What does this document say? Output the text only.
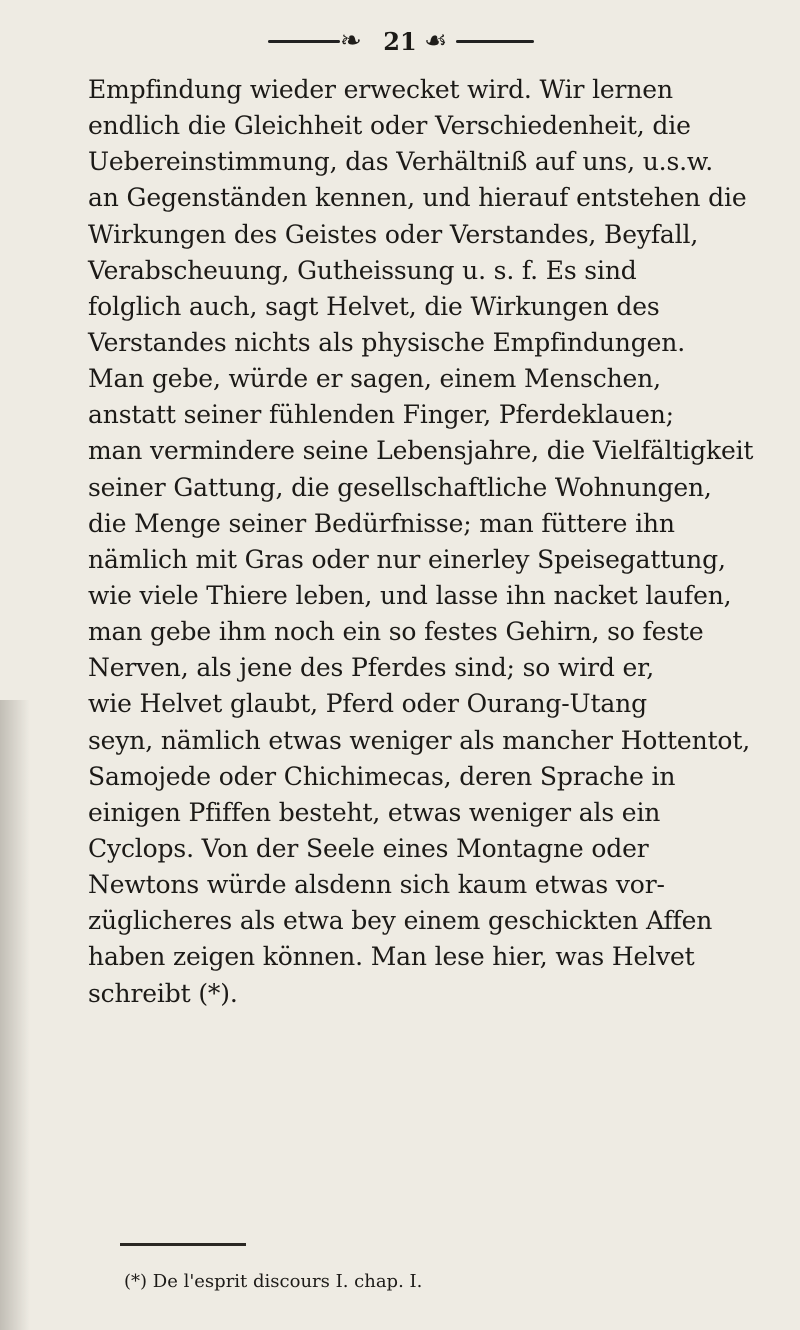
❧ 21 ☙
Empfindung wieder erwecket wird. Wir lernen
endlich die Gleichheit oder Verschiedenheit, die
Uebereinstimmung, das Verhältniß auf uns, u.s.w.
an Gegenständen kennen, und hierauf entstehen die
Wirkungen des Geistes oder Verstandes, Beyfall,
Verabscheuung, Gutheissung u. s. f. Es sind
folglich auch, sagt Helvet, die Wirkungen des
Verstandes nichts als physische Empfindungen.
Man gebe, würde er sagen, einem Menschen,
anstatt seiner fühlenden Finger, Pferdeklauen;
man verminderе seine Lebensjahre, die Vielfältigkeit
seiner Gattung, die gesellschaftliche Wohnungen,
die Menge seiner Bedürfnisse; man füttere ihn
nämlich mit Gras oder nur einerley Speisegattung,
wie viele Thiere leben, und lasse ihn nacket laufen,
man gebe ihm noch ein so festes Gehirn, so feste
Nerven, als jene des Pferdes sind; so wird er,
wie Helvet glaubt, Pferd oder Ourang-Utang
seyn, nämlich etwas weniger als mancher Hottentot,
Samojede oder Chichimecas, deren Sprache in
einigen Pfiffen besteht, etwas weniger als ein
Cyclops. Von der Seele eines Montagne oder
Newtons würde alsdenn sich kaum etwas vor-
züglicheres als etwa bey einem geschickten Affen
haben zeigen können. Man lese hier, was Helvet
schreibt (*).
(*) De l'esprit discours I. chap. I.
